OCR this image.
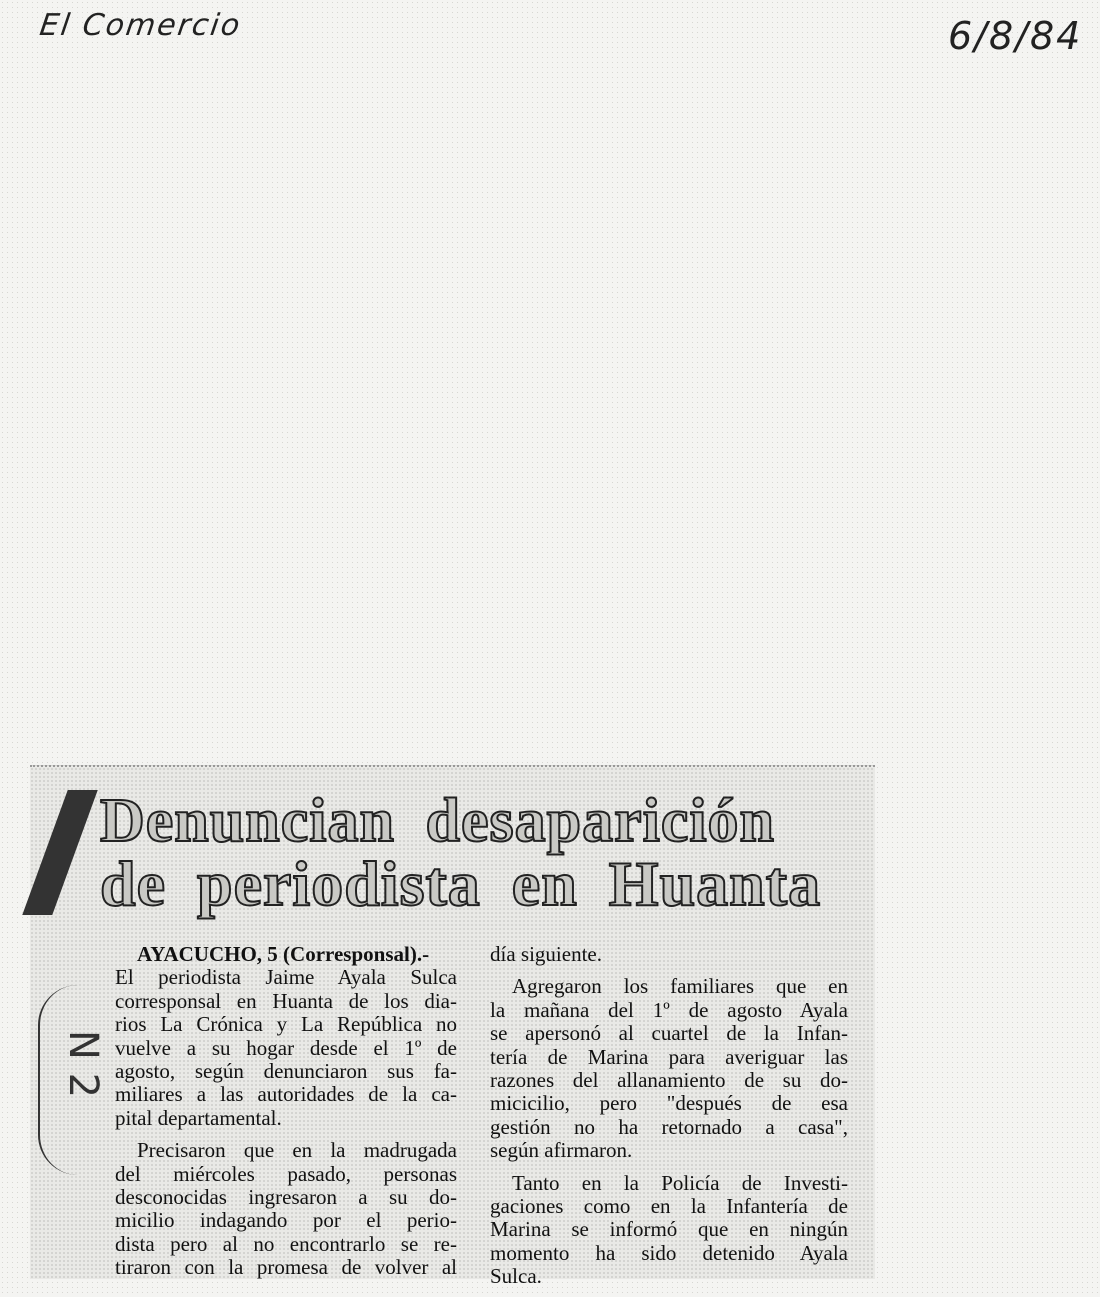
El Comercio	6/8/84
Denuncian desaparición
de periodista en Huanta
N 2
AYACUCHO, 5 (Corresponsal).-
El periodista Jaime Ayala Sulca
corresponsal en Huanta de los dia-
rios La Crónica y La República no
vuelve a su hogar desde el 1º de
agosto, según denunciaron sus fa-
miliares a las autoridades de la ca-
pital departamental.
Precisaron que en la madrugada
del miércoles pasado, personas
desconocidas ingresaron a su do-
micilio indagando por el perio-
dista pero al no encontrarlo se re-
tiraron con la promesa de volver al
día siguiente.
Agregaron los familiares que en
la mañana del 1º de agosto Ayala
se apersonó al cuartel de la Infan-
tería de Marina para averiguar las
razones del allanamiento de su do-
micicilio, pero "después de esa
gestión no ha retornado a casa",
según afirmaron.
Tanto en la Policía de Investi-
gaciones como en la Infantería de
Marina se informó que en ningún
momento ha sido detenido Ayala
Sulca.
